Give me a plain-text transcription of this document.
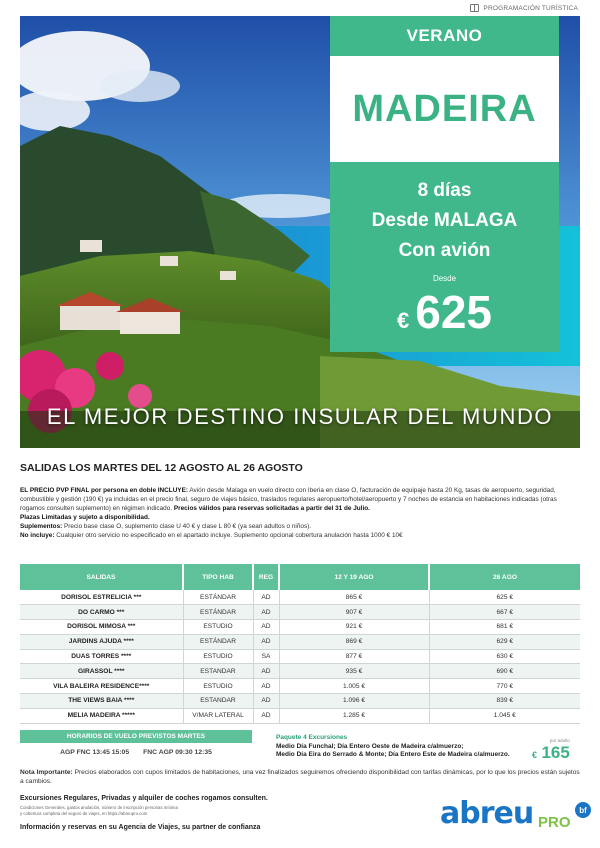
PROGRAMACIÓN TURÍSTICA
VERANO
MADEIRA
8 días
Desde MALAGA
Con avión
Desde
€ 625
EL MEJOR DESTINO INSULAR DEL MUNDO
SALIDAS LOS MARTES DEL 12 AGOSTO AL 26 AGOSTO
EL PRECIO PVP FINAL por persona en doble INCLUYE: Avión desde Malaga en vuelo directo con Iberia en clase O, facturación de equipaje hasta 20 Kg, tasas de aeropuerto, seguridad, combustible y gestión (190 €) ya incluidas en el precio final, seguro de viajes básico, traslados regulares aeropuerto/hotel/aeropuerto y 7 noches de estancia en habitaciones indicadas (otras rogamos consulten suplemento) en régimen indicado. Precios válidos para reservas solicitadas a partir del 31 de Julio.
Plazas Limitadas y sujeto a disponibilidad.
Suplementos: Precio base clase O, suplemento clase U 40 € y clase L 80 € (ya sean adultos o niños).
No incluye: Cualquier otro servicio no especificado en el apartado incluye. Suplemento opcional cobertura anulación hasta 1000 € 10€
SALIDAS	TIPO HAB	REG	12 Y 19 AGO	26 AGO
DORISOL ESTRELICIA ***	ESTÁNDAR	AD	865 €	625 €
DO CARMO ***	ESTÁNDAR	AD	907 €	667 €
DORISOL MIMOSA ***	ESTUDIO	AD	921 €	681 €
JARDINS AJUDA ****	ESTÁNDAR	AD	869 €	629 €
DUAS TORRES ****	ESTUDIO	SA	877 €	630 €
GIRASSOL ****	ESTANDAR	AD	935 €	690 €
VILA BALEIRA RESIDENCE****	ESTUDIO	AD	1.005 €	770 €
THE VIEWS BAIA ****	ESTANDAR	AD	1.096 €	839 €
MELIA MADEIRA *****	V/MAR LATERAL	AD	1.285 €	1.045 €
HORARIOS DE VUELO PREVISTOS MARTES
AGP FNC 13:45 15:05 FNC AGP 09:30 12:35
Paquete 4 Excursiones
Medio Día Funchal; Día Entero Oeste de Madeira c/almuerzo;
Medio Día Eira do Serrado & Monte; Día Entero Este de Madeira c/almuerzo.
por adulto
€ 165
Nota Importante: Precios elaborados con cupos limitados de habitaciones, una vez finalizados seguiremos ofreciendo disponibilidad con tarifas dinámicas, por lo que los precios están sujetos a cambios.
Excursiones Regulares, Privadas y alquiler de coches rogamos consulten.
Condiciones Generales, gastos anulación, número de inscripción personas mínima
y cobertura completa del seguro de viajes, en https://abreupro.com
Información y reservas en su Agencia de Viajes, su partner de confianza	abreu PRO
bf
